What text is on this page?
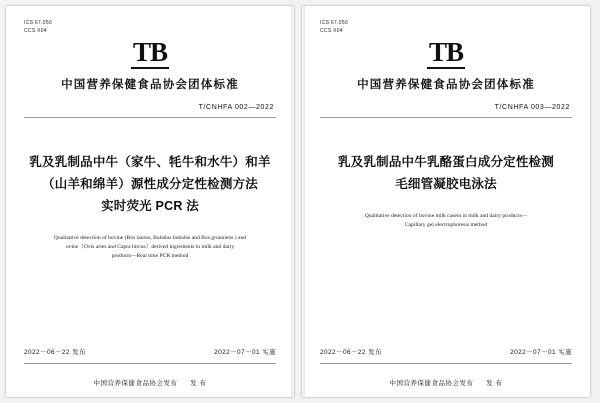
ICS 67.050
CCS X04
TB
中国营养保健食品协会团体标准
T/CNHFA 002—2022
乳及乳制品中牛（家牛、牦牛和水牛）和羊
（山羊和绵羊）源性成分定性检测方法
实时荧光 PCR 法
Qualitative detection of bovine (Bos taurus, Bubalus bubalus and Bos grunniens ) and
ovine（Ovis aries and Capra hircus）derived ingredients in milk and dairy
products—Real time PCR method
2022－06－22 发布	2022－07－01 实施
中国营养保健食品协会发布 发 布
ICS 67.050
CCS X04
TB
中国营养保健食品协会团体标准
T/CNHFA 003—2022
乳及乳制品中牛乳酪蛋白成分定性检测
毛细管凝胶电泳法
Qualitative detection of bovine milk casein in milk and dairy products—
Capillary gel electrophoresis method
2022－06－22 发布	2022－07－01 实施
中国营养保健食品协会发布 发 布
